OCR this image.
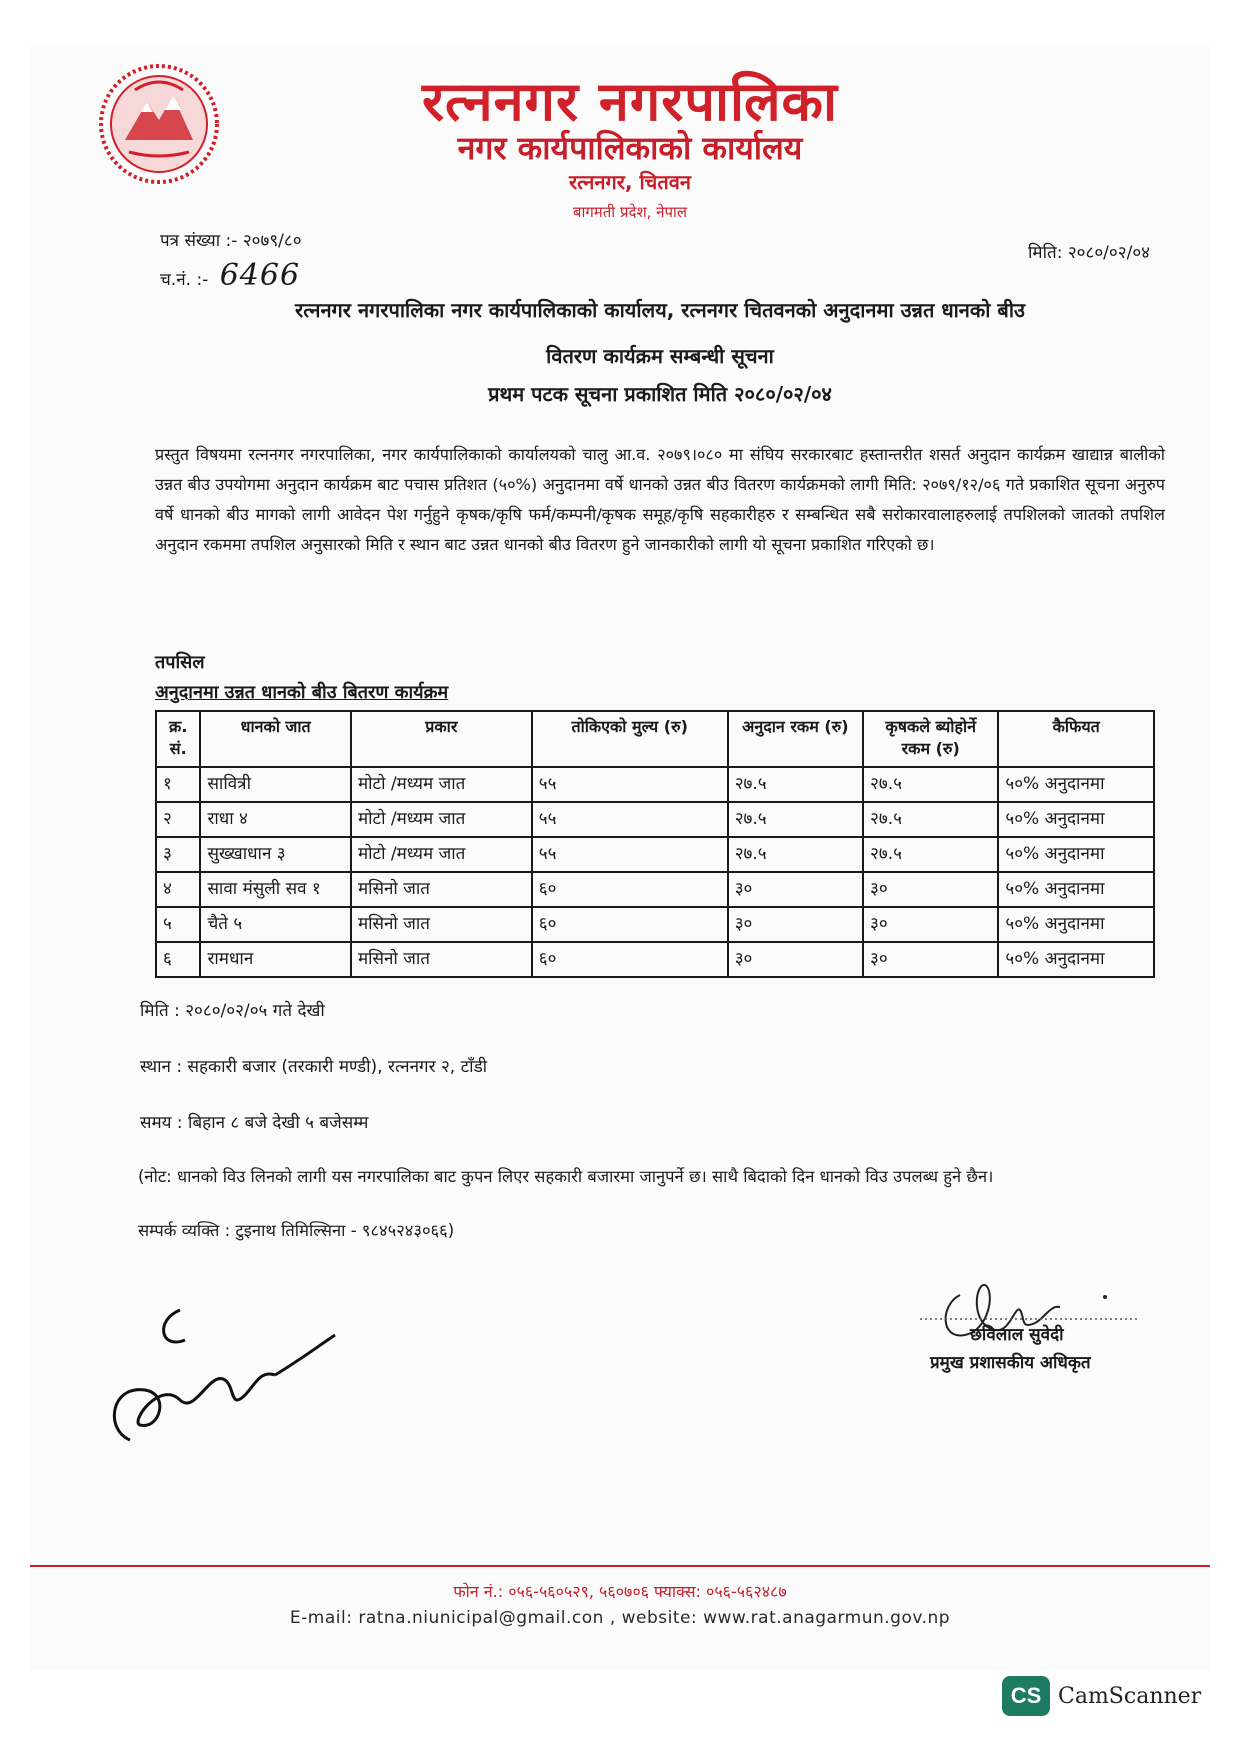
रत्ननगर नगरपालिका
नगर कार्यपालिकाको कार्यालय
रत्ननगर, चितवन
बागमती प्रदेश, नेपाल
पत्र संख्या :- २०७९/८०
च.नं. :- 6466
मिति: २०८०/०२/०४
रत्ननगर नगरपालिका नगर कार्यपालिकाको कार्यालय, रत्ननगर चितवनको अनुदानमा उन्नत धानको बीउ
वितरण कार्यक्रम सम्बन्धी सूचना
प्रथम पटक सूचना प्रकाशित मिति २०८०/०२/०४
प्रस्तुत विषयमा रत्ननगर नगरपालिका, नगर कार्यपालिकाको कार्यालयको चालु आ.व. २०७९।०८० मा संघिय सरकारबाट हस्तान्तरीत शसर्त अनुदान कार्यक्रम खाद्यान्न बालीको उन्नत बीउ उपयोगमा अनुदान कार्यक्रम बाट पचास प्रतिशत (५०%) अनुदानमा वर्षे धानको उन्नत बीउ वितरण कार्यक्रमको लागी मिति: २०७९/१२/०६ गते प्रकाशित सूचना अनुरुप वर्षे धानको बीउ मागको लागी आवेदन पेश गर्नुहुने कृषक/कृषि फर्म/कम्पनी/कृषक समूह/कृषि सहकारीहरु र सम्बन्धित सबै सरोकारवालाहरुलाई तपशिलको जातको तपशिल अनुदान रकममा तपशिल अनुसारको मिति र स्थान बाट उन्नत धानको बीउ वितरण हुने जानकारीको लागी यो सूचना प्रकाशित गरिएको छ।
तपसिल
अनुदानमा उन्नत धानको बीउ बितरण कार्यक्रम
क्र. सं.	धानको जात	प्रकार	तोकिएको मुल्य (रु)	अनुदान रकम (रु)	कृषकले ब्योहोर्ने रकम (रु)	कैफियत
१	सावित्री	मोटो /मध्यम जात	५५	२७.५	२७.५	५०% अनुदानमा
२	राधा ४	मोटो /मध्यम जात	५५	२७.५	२७.५	५०% अनुदानमा
३	सुख्खाधान ३	मोटो /मध्यम जात	५५	२७.५	२७.५	५०% अनुदानमा
४	सावा मंसुली सव १	मसिनो जात	६०	३०	३०	५०% अनुदानमा
५	चैते ५	मसिनो जात	६०	३०	३०	५०% अनुदानमा
६	रामधान	मसिनो जात	६०	३०	३०	५०% अनुदानमा
मिति : २०८०/०२/०५ गते देखी
स्थान : सहकारी बजार (तरकारी मण्डी), रत्ननगर २, टाँडी
समय : बिहान ८ बजे देखी ५ बजेसम्म
(नोट: धानको विउ लिनको लागी यस नगरपालिका बाट कुपन लिएर सहकारी बजारमा जानुपर्ने छ। साथै बिदाको दिन धानको विउ उपलब्ध हुने छैन।
सम्पर्क व्यक्ति : टुइनाथ तिमिल्सिना - ९८४५२४३०६६)
छविलाल सुवेदी
प्रमुख प्रशासकीय अधिकृत
फोन नं.: ०५६-५६०५२९, ५६०७०६ फ्याक्स: ०५६-५६२४८७
E-mail: ratna.niunicipal@gmail.con , website: www.rat.anagarmun.gov.np
CS CamScanner
